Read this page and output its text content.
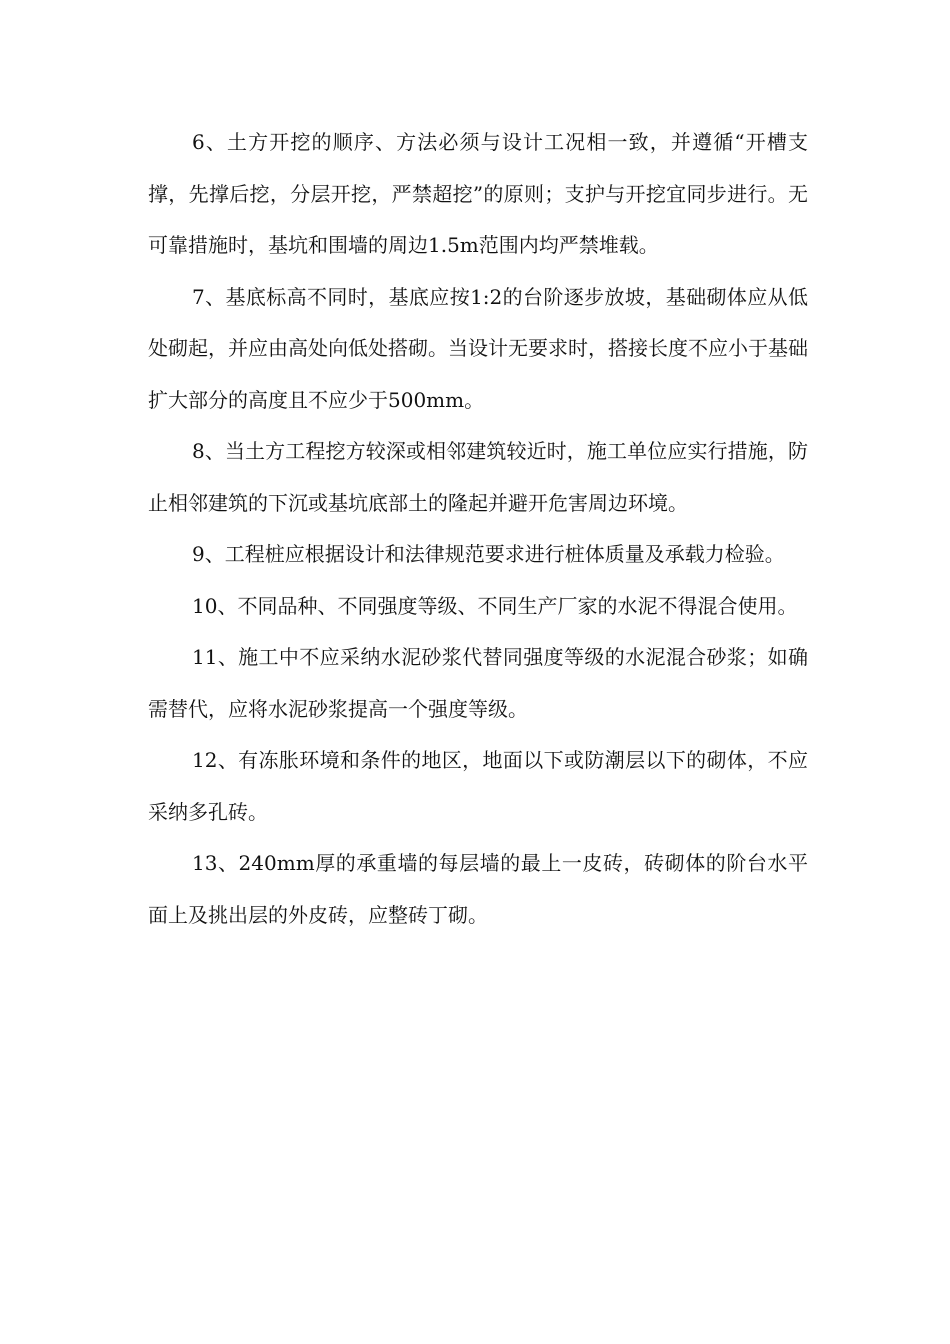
6、土方开挖的顺序、方法必须与设计工况相一致，并遵循“开槽支撑，先撑后挖，分层开挖，严禁超挖”的原则；支护与开挖宜同步进行。无可靠措施时，基坑和围墙的周边1.5m范围内均严禁堆载。

7、基底标高不同时，基底应按1:2的台阶逐步放坡，基础砌体应从低处砌起，并应由高处向低处搭砌。当设计无要求时，搭接长度不应小于基础扩大部分的高度且不应少于500mm。

8、当土方工程挖方较深或相邻建筑较近时，施工单位应实行措施，防止相邻建筑的下沉或基坑底部土的隆起并避开危害周边环境。

9、工程桩应根据设计和法律规范要求进行桩体质量及承载力检验。

10、不同品种、不同强度等级、不同生产厂家的水泥不得混合使用。

11、施工中不应采纳水泥砂浆代替同强度等级的水泥混合砂浆；如确需替代，应将水泥砂浆提高一个强度等级。

12、有冻胀环境和条件的地区，地面以下或防潮层以下的砌体，不应采纳多孔砖。

13、240mm厚的承重墙的每层墙的最上一皮砖，砖砌体的阶台水平面上及挑出层的外皮砖，应整砖丁砌。
